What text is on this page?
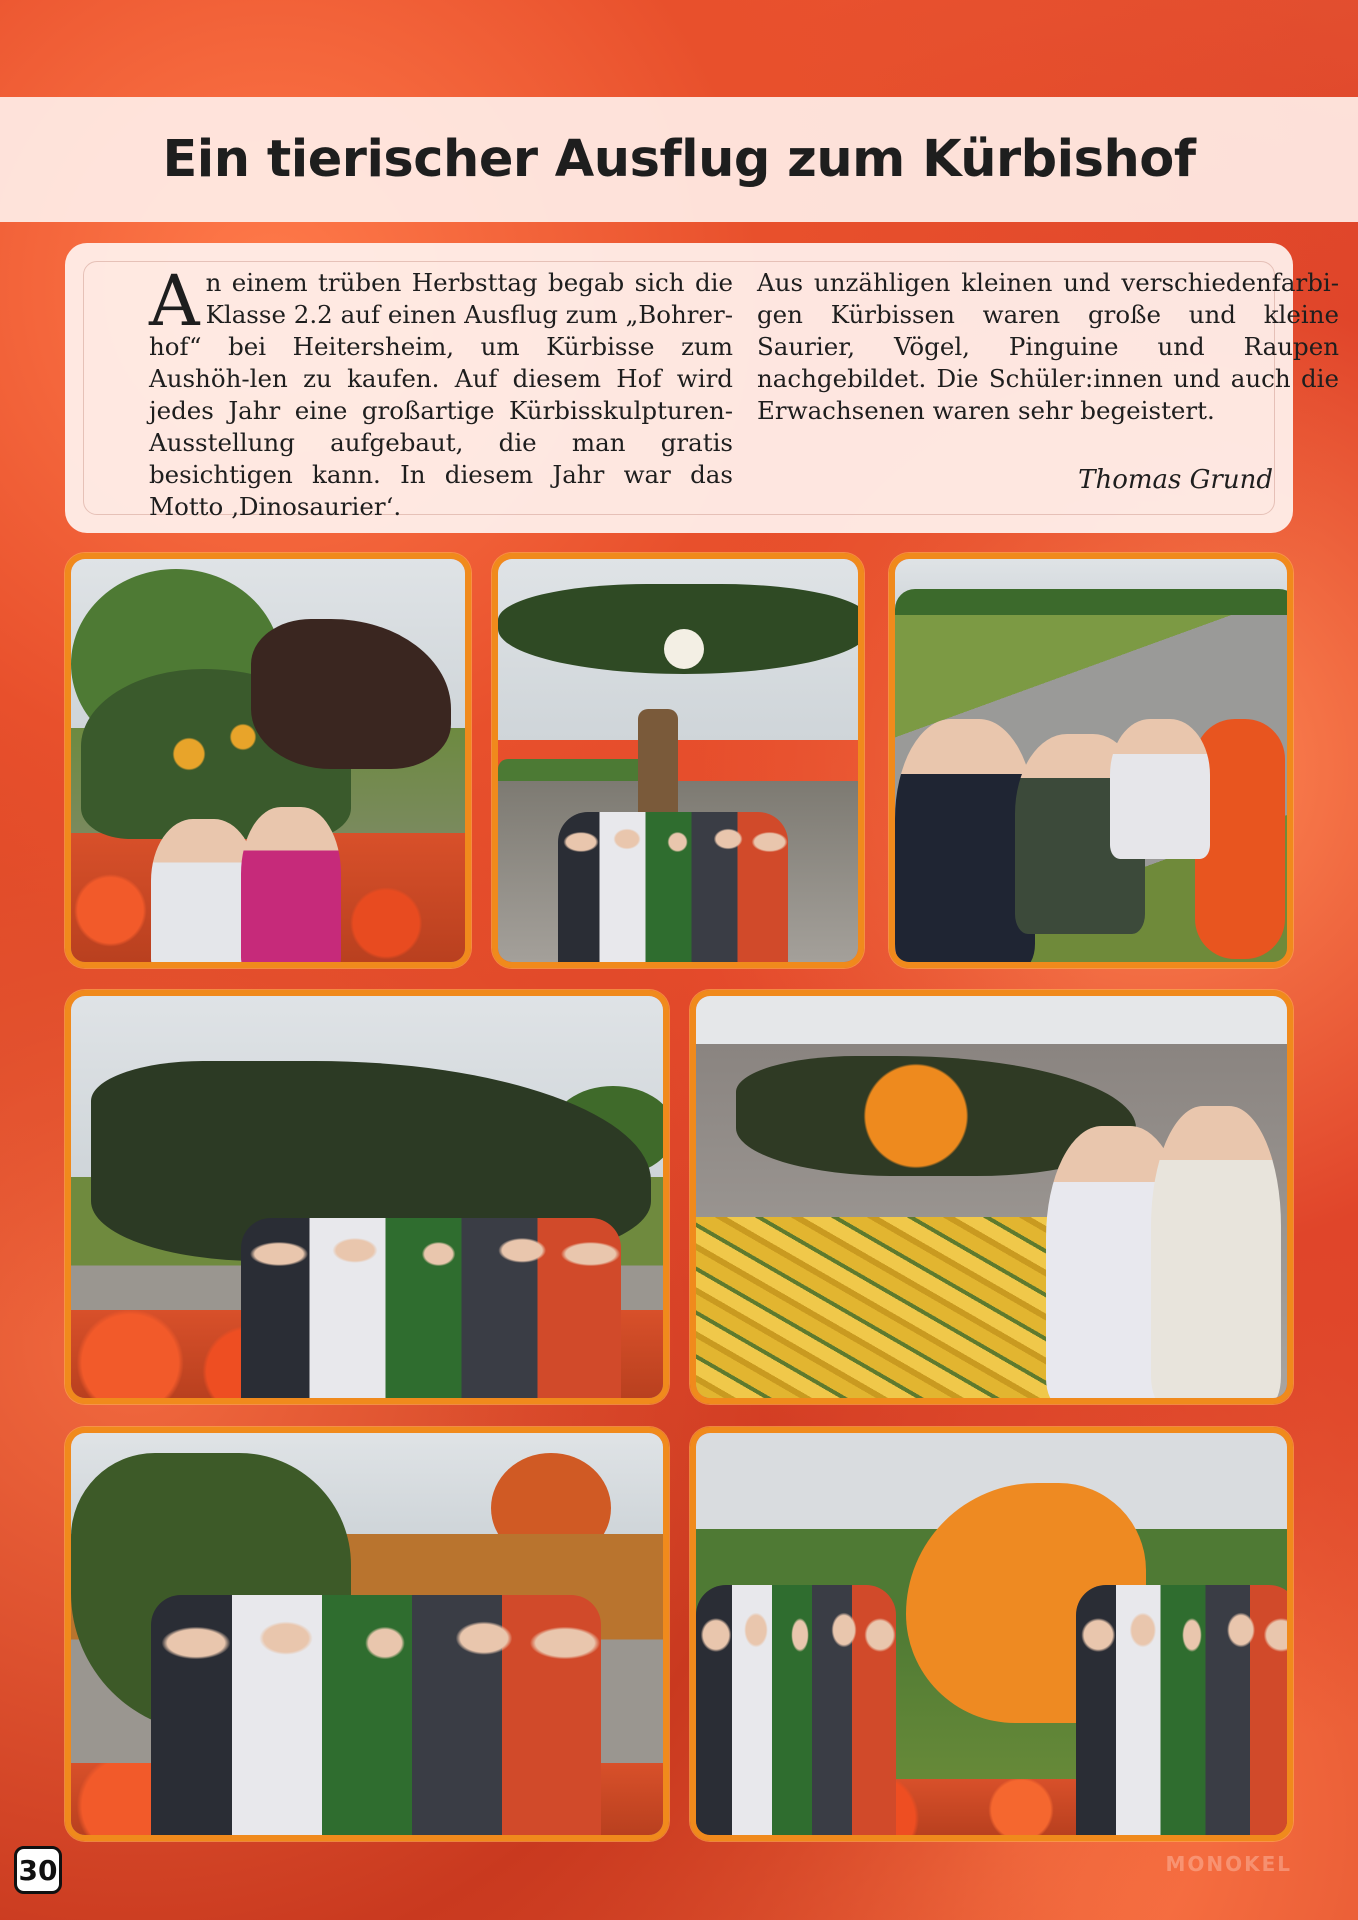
Ein tierischer Ausflug zum Kürbishof
A n einem trüben Herbsttag begab sich die Klasse 2.2 auf einen Ausflug zum „Bohrer-hof“ bei Heitersheim, um Kürbisse zum Aushöh-len zu kaufen. Auf diesem Hof wird jedes Jahr eine großartige Kürbisskulpturen-Ausstellung aufgebaut, die man gratis besichtigen kann. In diesem Jahr war das Motto ‚Dinosaurier‘.

Aus unzähligen kleinen und verschiedenfarbi-gen Kürbissen waren große und kleine Saurier, Vögel, Pinguine und Raupen nachgebildet. Die Schüler:innen und auch die Erwachsenen waren sehr begeistert.

Thomas Grund
30	MONOKEL
